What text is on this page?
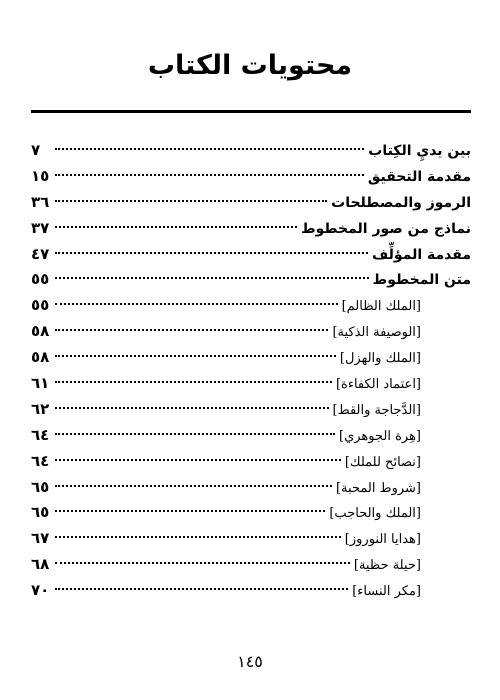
محتويات الكتاب
بين يديِ الكِتاب
٧
مقدمة التحقيق
١٥
الرموز والمصطلحات
٣٦
نماذج من صور المخطوط
٣٧
مقدمة المؤلِّف
٤٧
متن المخطوط
٥٥
[الملك الظالم]
٥٥
[الوصيفة الذكية]
٥٨
[الملك والهزل]
٥٨
[اعتماد الكفاءة]
٦١
[الدَّجاجة والقط]
٦٢
[هِرة الجوهري]
٦٤
[نصائح للملك]
٦٤
[شروط المحبة]
٦٥
[الملك والحاجب]
٦٥
[هدايا النوروز]
٦٧
[حيلة حظية]
٦٨
[مكر النساء]
٧٠
١٤٥
